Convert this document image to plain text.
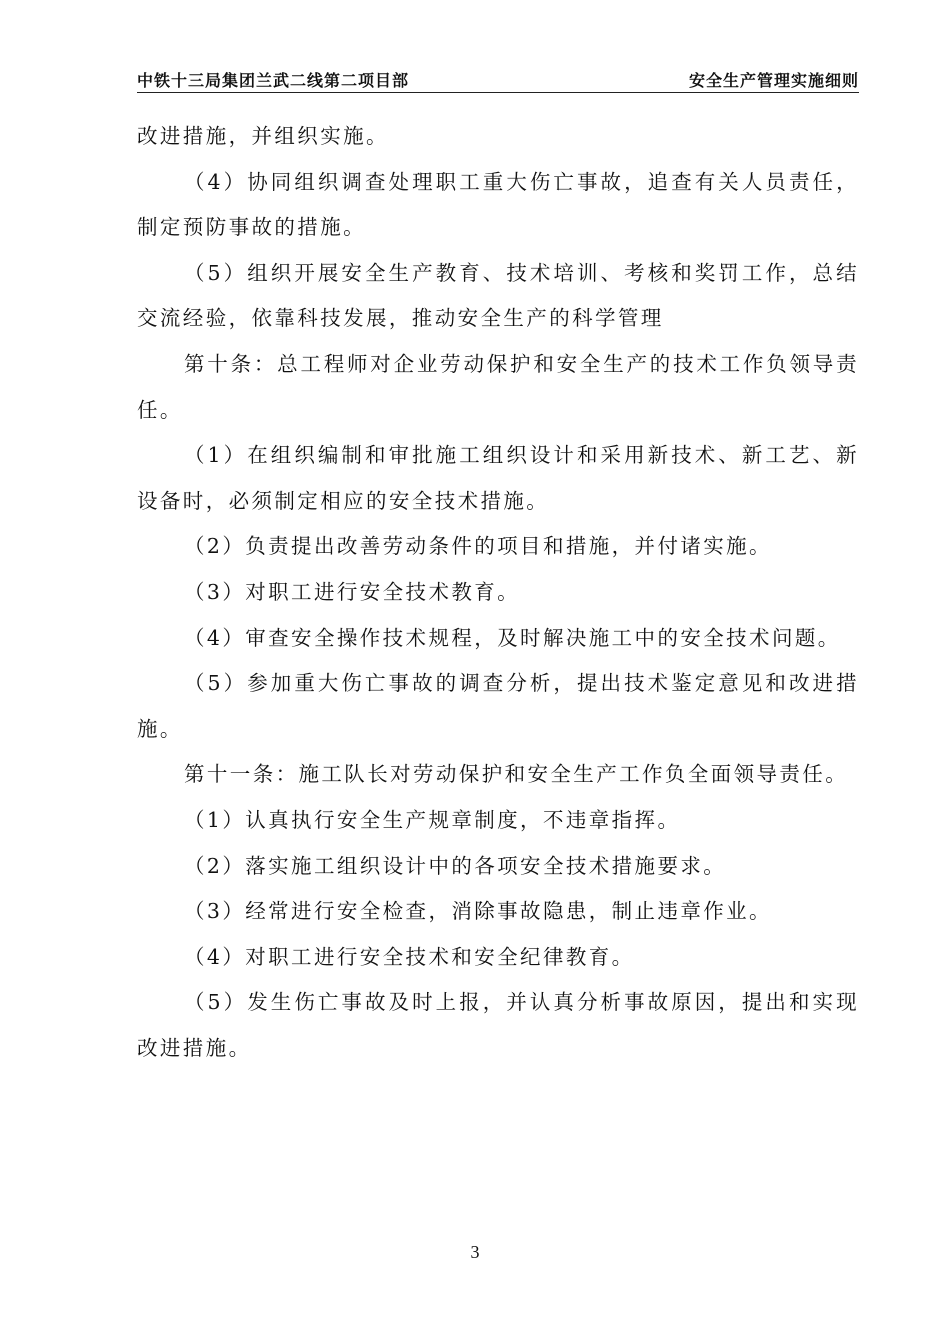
中铁十三局集团兰武二线第二项目部	安全生产管理实施细则

改进措施，并组织实施。

（4）协同组织调查处理职工重大伤亡事故，追查有关人员责任，制定预防事故的措施。

（5）组织开展安全生产教育、技术培训、考核和奖罚工作，总结交流经验，依靠科技发展，推动安全生产的科学管理

第十条：总工程师对企业劳动保护和安全生产的技术工作负领导责任。

（1）在组织编制和审批施工组织设计和采用新技术、新工艺、新设备时，必须制定相应的安全技术措施。

（2）负责提出改善劳动条件的项目和措施，并付诸实施。

（3）对职工进行安全技术教育。

（4）审查安全操作技术规程，及时解决施工中的安全技术问题。

（5）参加重大伤亡事故的调查分析，提出技术鉴定意见和改进措施。

第十一条：施工队长对劳动保护和安全生产工作负全面领导责任。

（1）认真执行安全生产规章制度，不违章指挥。

（2）落实施工组织设计中的各项安全技术措施要求。

（3）经常进行安全检查，消除事故隐患，制止违章作业。

（4）对职工进行安全技术和安全纪律教育。

（5）发生伤亡事故及时上报，并认真分析事故原因，提出和实现改进措施。

3
